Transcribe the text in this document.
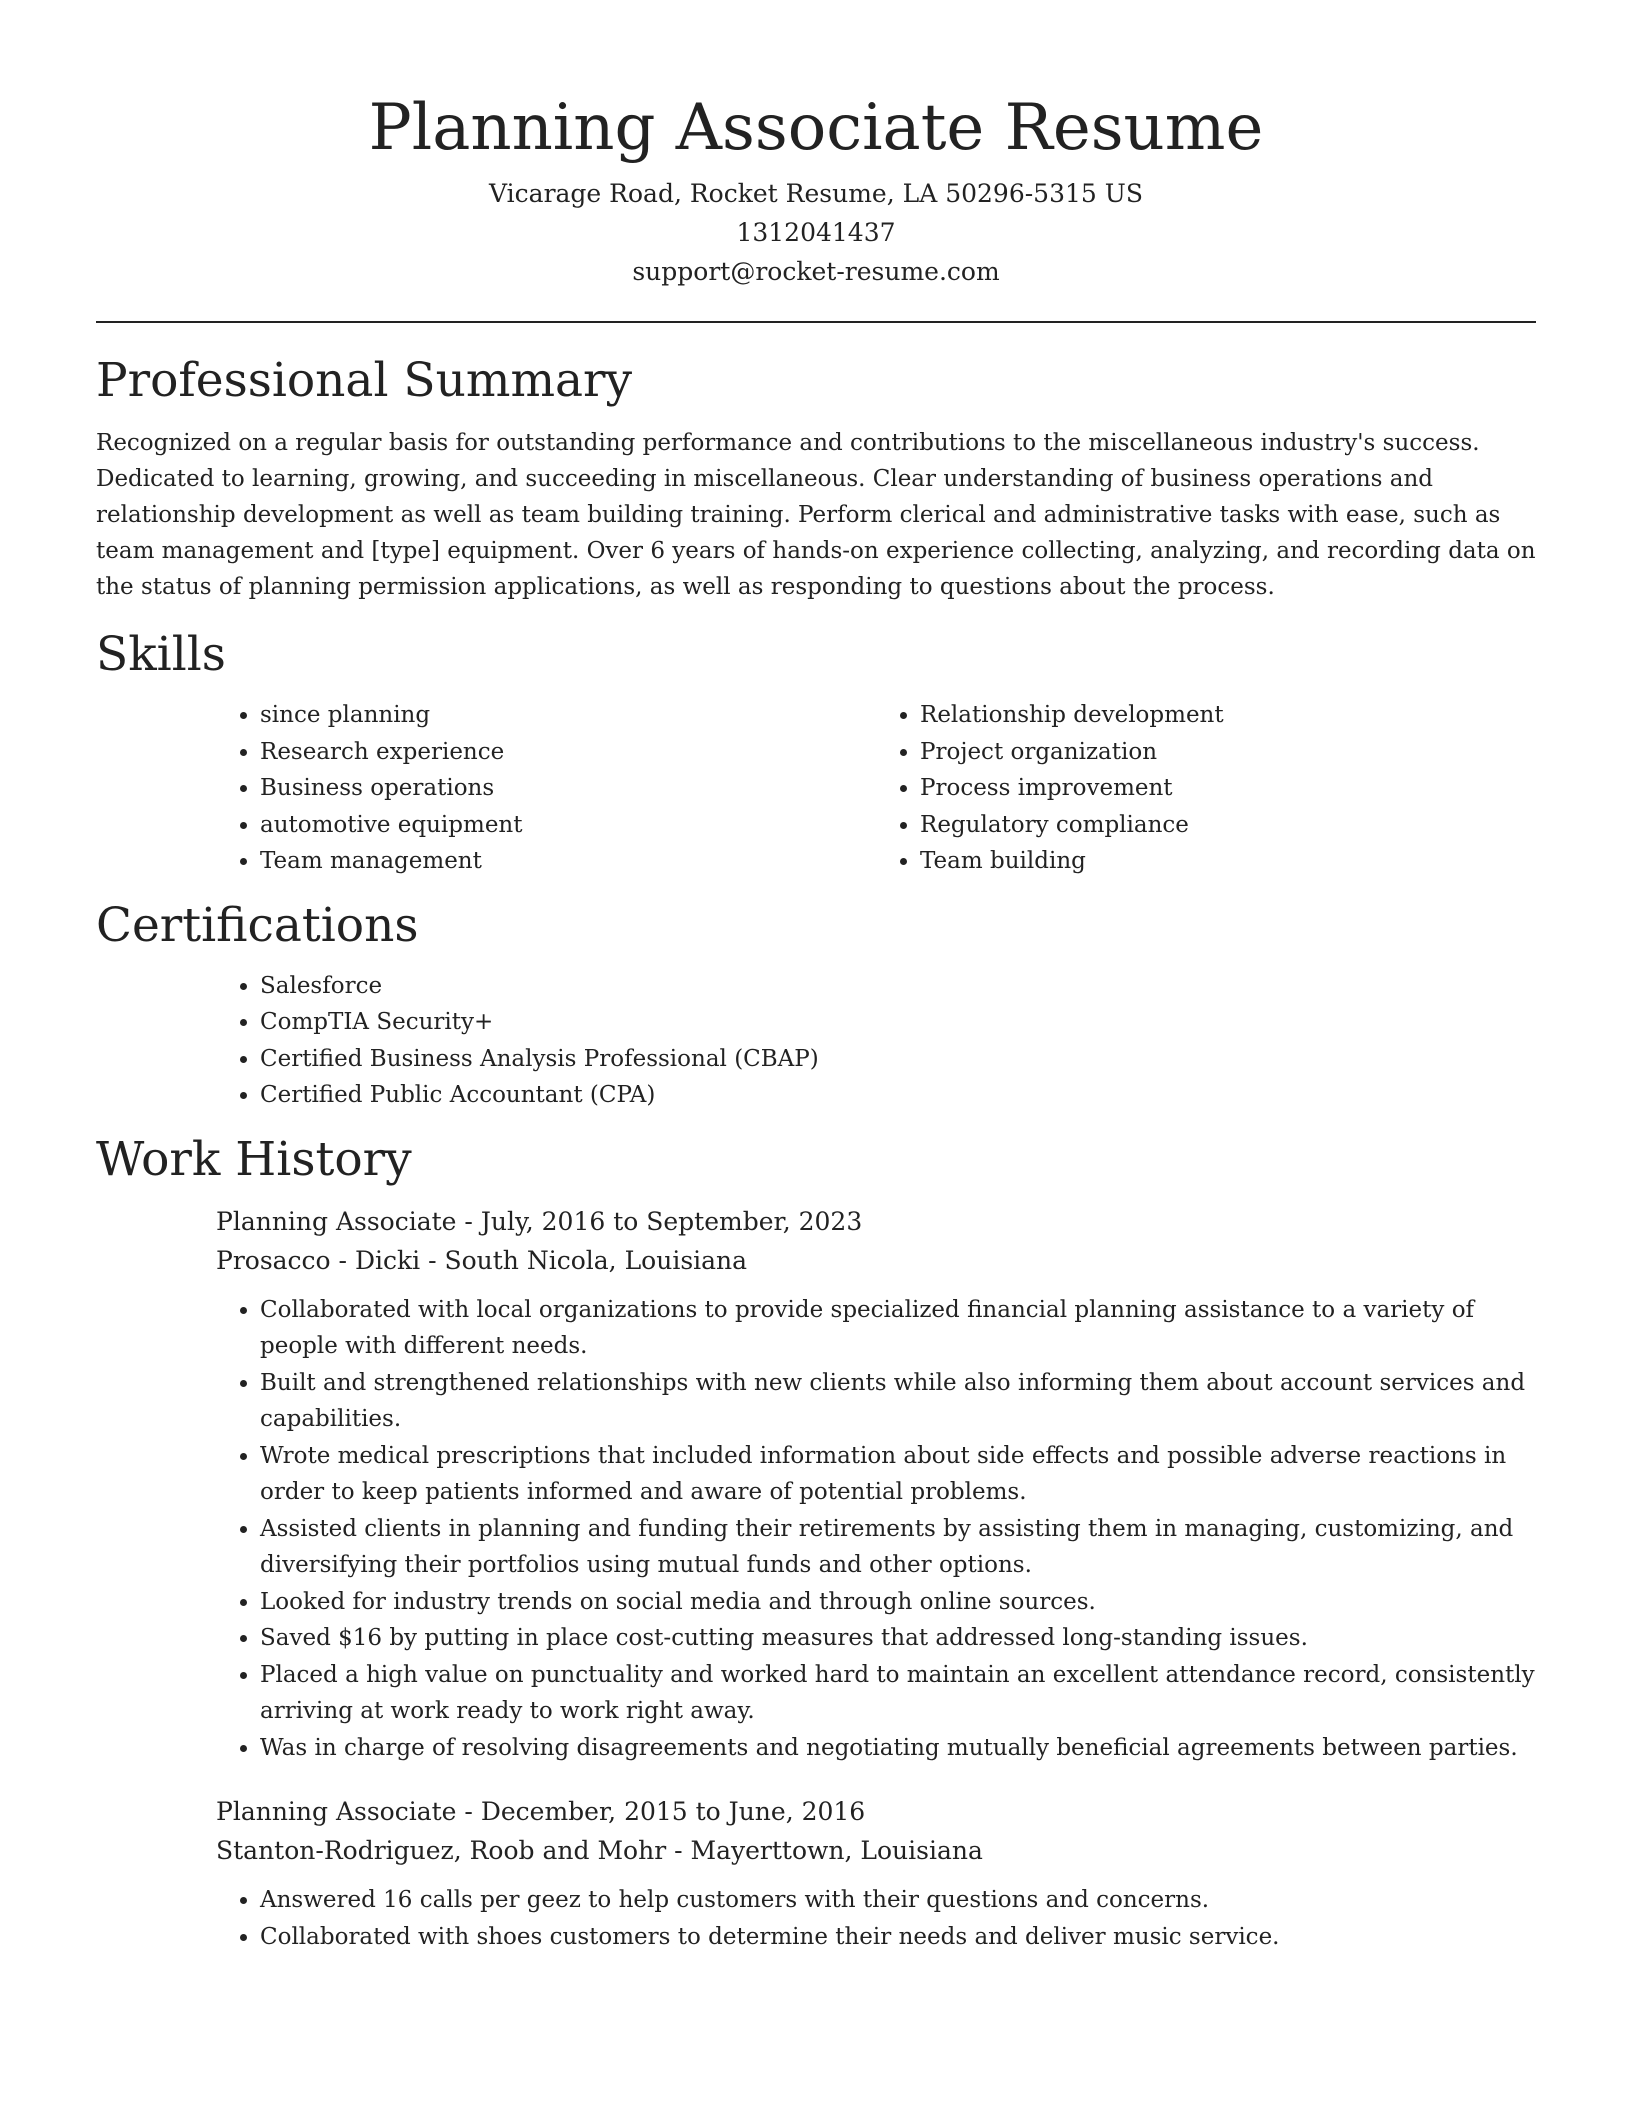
Planning Associate Resume
Vicarage Road, Rocket Resume, LA 50296-5315 US
1312041437
support@rocket-resume.com
Professional Summary

Recognized on a regular basis for outstanding performance and contributions to the miscellaneous industry's success. Dedicated to learning, growing, and succeeding in miscellaneous. Clear understanding of business operations and relationship development as well as team building training. Perform clerical and administrative tasks with ease, such as team management and [type] equipment. Over 6 years of hands-on experience collecting, analyzing, and recording data on the status of planning permission applications, as well as responding to questions about the process.

Skills
• since planning
• Research experience
• Business operations
• automotive equipment
• Team management
• Relationship development
• Project organization
• Process improvement
• Regulatory compliance
• Team building
Certifications
• Salesforce
• CompTIA Security+
• Certified Business Analysis Professional (CBAP)
• Certified Public Accountant (CPA)
Work History
Planning Associate - July, 2016 to September, 2023
Prosacco - Dicki - South Nicola, Louisiana
• Collaborated with local organizations to provide specialized financial planning assistance to a variety of people with different needs.
• Built and strengthened relationships with new clients while also informing them about account services and capabilities.
• Wrote medical prescriptions that included information about side effects and possible adverse reactions in order to keep patients informed and aware of potential problems.
• Assisted clients in planning and funding their retirements by assisting them in managing, customizing, and diversifying their portfolios using mutual funds and other options.
• Looked for industry trends on social media and through online sources.
• Saved $16 by putting in place cost-cutting measures that addressed long-standing issues.
• Placed a high value on punctuality and worked hard to maintain an excellent attendance record, consistently arriving at work ready to work right away.
• Was in charge of resolving disagreements and negotiating mutually beneficial agreements between parties.
Planning Associate - December, 2015 to June, 2016
Stanton-Rodriguez, Roob and Mohr - Mayerttown, Louisiana
• Answered 16 calls per geez to help customers with their questions and concerns.
• Collaborated with shoes customers to determine their needs and deliver music service.
